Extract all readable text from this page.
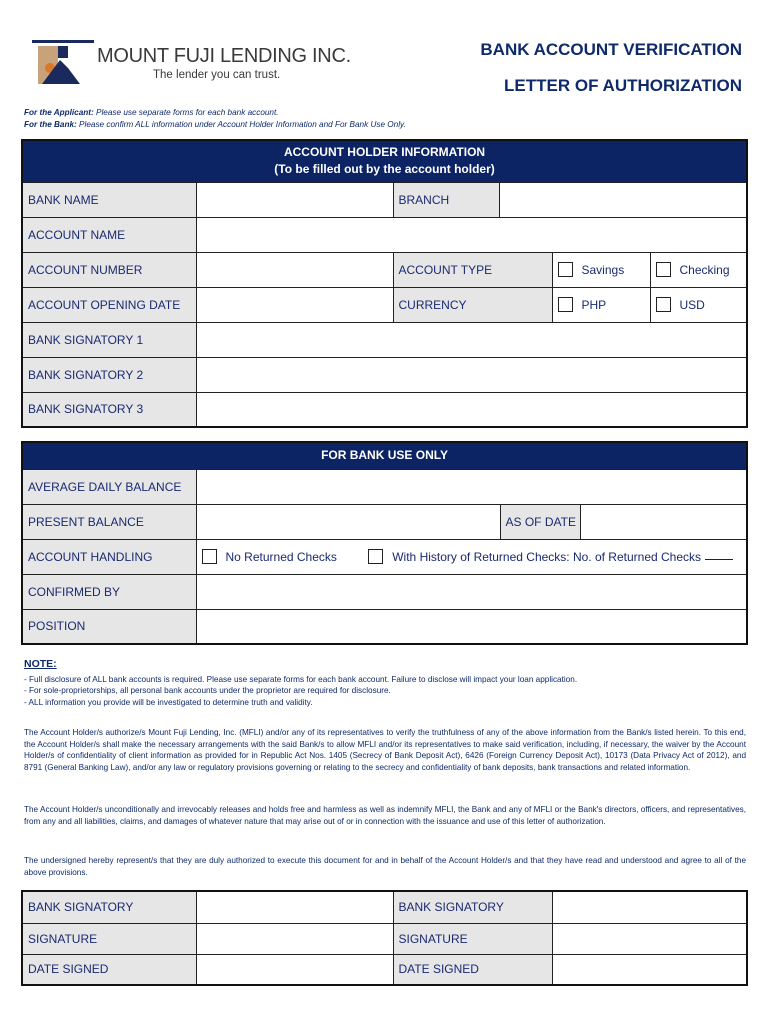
MOUNT FUJI LENDING INC.
The lender you can trust.
BANK ACCOUNT VERIFICATION
LETTER OF AUTHORIZATION
For the Applicant: Please use separate forms for each bank account.
For the Bank: Please confirm ALL information under Account Holder Information and For Bank Use Only.
ACCOUNT HOLDER INFORMATION
(To be filled out by the account holder)					

BANK NAME		BRANCH			
ACCOUNT NAME					
ACCOUNT NUMBER		ACCOUNT TYPE		Savings	Checking
ACCOUNT OPENING DATE		CURRENCY		PHP	USD
BANK SIGNATORY 1					
BANK SIGNATORY 2					
BANK SIGNATORY 3					
FOR BANK USE ONLY			
AVERAGE DAILY BALANCE			
PRESENT BALANCE		AS OF DATE	
ACCOUNT HANDLING	No Returned Checks With History of Returned Checks: No. of Returned Checks		
CONFIRMED BY			
POSITION			
NOTE:
- Full disclosure of ALL bank accounts is required. Please use separate forms for each bank account. Failure to disclose will impact your loan application.
- For sole-proprietorships, all personal bank accounts under the proprietor are required for disclosure.
- ALL information you provide will be investigated to determine truth and validity.
The Account Holder/s authorize/s Mount Fuji Lending, Inc. (MFLI) and/or any of its representatives to verify the truthfulness of any of the above information from the Bank/s listed herein. To this end, the Account Holder/s shall make the necessary arrangements with the said Bank/s to allow MFLI and/or its representatives to make said verification, including, if necessary, the waiver by the Account Holder/s of confidentiality of client information as provided for in Republic Act Nos. 1405 (Secrecy of Bank Deposit Act), 6426 (Foreign Currency Deposit Act), 10173 (Data Privacy Act of 2012), and 8791 (General Banking Law), and/or any law or regulatory provisions governing or relating to the secrecy and confidentiality of bank deposits, bank transactions and related information.
The Account Holder/s unconditionally and irrevocably releases and holds free and harmless as well as indemnify MFLI, the Bank and any of MFLI or the Bank's directors, officers, and representatives, from any and all liabilities, claims, and damages of whatever nature that may arise out of or in connection with the issuance and use of this letter of authorization.
The undersigned hereby represent/s that they are duly authorized to execute this document for and in behalf of the Account Holder/s and that they have read and understood and agree to all of the above provisions.
BANK SIGNATORY		BANK SIGNATORY	
SIGNATURE		SIGNATURE	
DATE SIGNED		DATE SIGNED	
